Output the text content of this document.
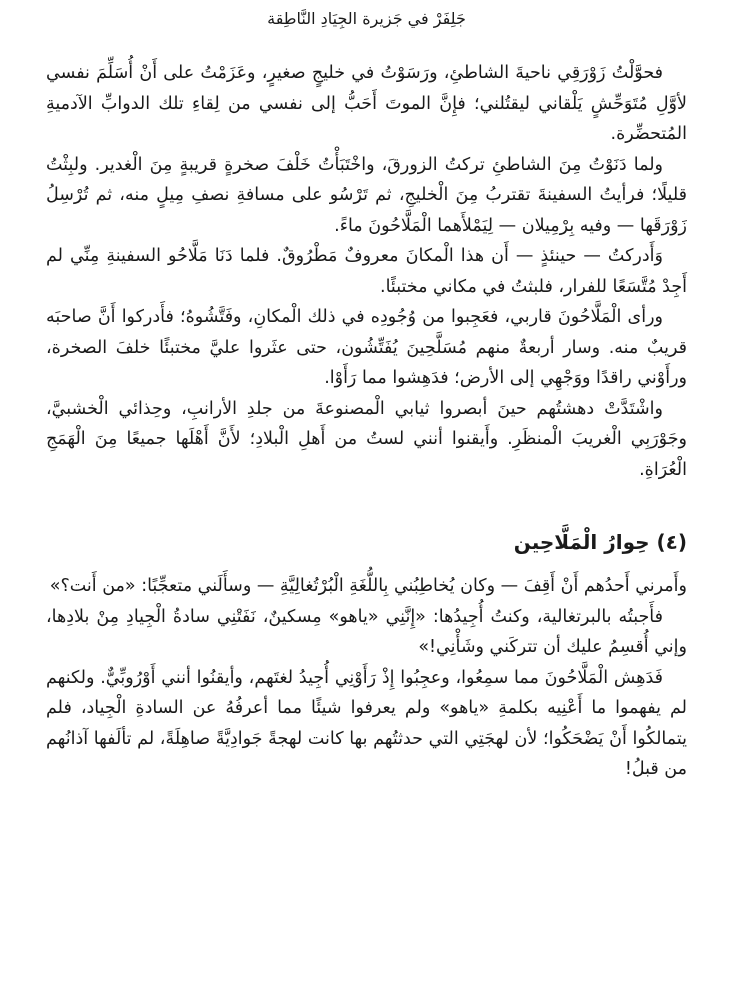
جَلِفَرْ في جَزيرة الجِيَادِ النَّاطِقة

فحوَّلْتُ زَوْرَقِي ناحيةَ الشاطئِ، ورَسَوْتُ في خليجٍ صغيرٍ، وعَزَمْتُ على أَنْ أُسَلِّمَ نفسي لأوَّلِ مُتَوَحِّشٍ يَلْقاني ليقتُلني؛ فإِنَّ الموتَ أَحَبُّ إلى نفسي من لِقاءِ تلك الدوابِّ الآدميةِ المُتحضِّرة.

ولما دَنَوْتُ مِنَ الشاطئِ تركتُ الزورقَ، واخْتَبَأْتُ خَلْفَ صخرةٍ قريبةٍ مِنَ الْغدير. ولبِثْتُ قليلًا؛ فرأيتُ السفينةَ تقتربُ مِنَ الْخليجِ، ثم تَرْسُو على مسافةِ نصفِ مِيلٍ منه، ثم تُرْسِلُ زَوْرَقَها — وفيه بِرْمِيلان — لِيَمْلأَهما الْمَلَّاحُونَ ماءً.

وَأَدركتُ — حينئذٍ — أَن هذا الْمكانَ معروفٌ مَطْرُوقٌ. فلما دَنَا مَلَّاحُو السفينةِ مِنِّي لم أَجِدْ مُتَّسَعًا للفرار، فلبثتُ في مكاني مختبئًا.

ورأى الْمَلَّاحُونَ قاربي، فعَجِبوا من وُجُودِه في ذلك الْمكانِ، وفَتَّشُوهُ؛ فأَدركوا أَنَّ صاحبَه قريبٌ منه. وسار أربعةٌ منهم مُسَلَّحِينَ يُفَتِّشُون، حتى عثَروا عليَّ مختبئًا خلفَ الصخرة، ورأَوْني راقدًا ووَجْهِي إلى الأرض؛ فدَهِشوا مما رَأَوْا.

واشْتَدَّتْ دهشتُهم حينَ أبصروا ثيابي الْمصنوعةَ من جلدِ الأرانبِ، وحِذائي الْخشبيَّ، وجَوْرَبِي الْغريبَ الْمنظَرِ. وأَيقنوا أنني لستُ من أَهلِ الْبلادِ؛ لأَنَّ أَهْلَها جميعًا مِنَ الْهَمَجِ الْعُرَاةِ.

(٤) حِوارُ الْمَلَّاحِين

وأَمرني أَحدُهم أَنْ أَقِفَ — وكان يُخاطِبُني بِاللُّغَةِ الْبُرْتُغالِيَّةِ — وسأَلَني متعجِّبًا: «من أَنت؟»

فأَجبتُه بالبرتغالية، وكنتُ أُجِيدُها: «إِنَّنِي «ياهو» مِسكينٌ، نَفَتْنِي سادةُ الْجِيادِ مِنْ بلادِها، وإني أُقسِمُ عليك أن تتركَني وشَأْنِي!»

فَدَهِش الْمَلَّاحُونَ مما سمِعُوا، وعجِبُوا إِذْ رَأَوْنِي أُجِيدُ لغتَهم، وأيقنُوا أنني أَوْرُوبِّيٌّ. ولكنهم لم يفهموا ما أَعْنِيه بكلمةِ «ياهو» ولم يعرفوا شيئًا مما أعرفُهُ عن السادةِ الْجِياد، فلم يتمالكُوا أَنْ يَضْحَكُوا؛ لأن لهجَتِي التي حدثتُهم بها كانت لهجةً جَوادِيَّةً صاهِلَةً، لم تألَفها آذانُهم من قبلُ!
